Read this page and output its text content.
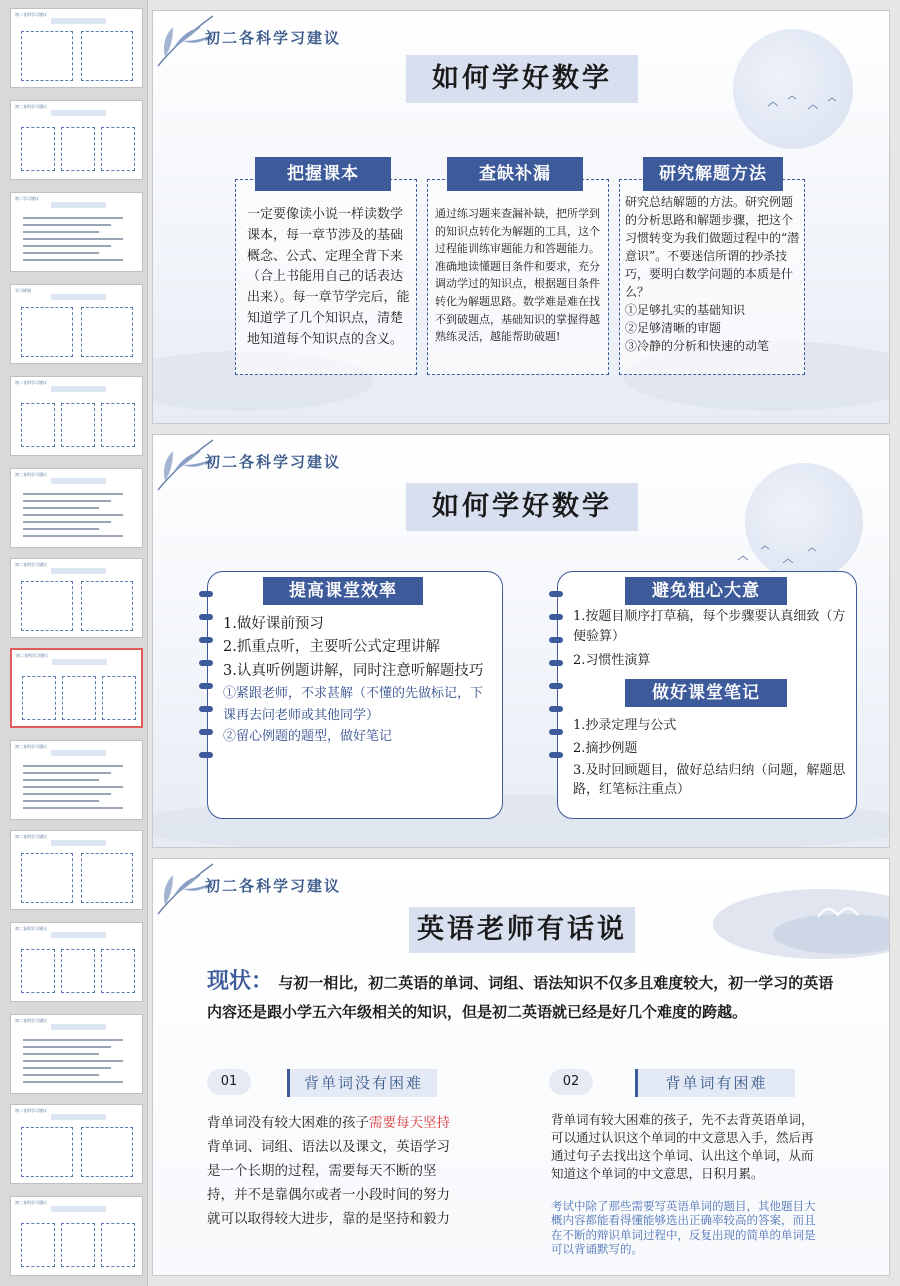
初二各科学习建议
初二各科学习建议
初二学习建议
学习规划
初二各科学习建议
初二各科学习建议
初二各科学习建议
初二各科学习建议
初二各科学习建议
初二各科学习建议
初二各科学习建议
初二各科学习建议
初二各科学习建议
初二各科学习建议
初二各科学习建议
如何学好数学
把握课本
一定要像读小说一样读数学课本，每一章节涉及的基础概念、公式、定理全背下来（合上书能用自己的话表达出来）。每一章节学完后，能知道学了几个知识点，清楚地知道每个知识点的含义。
查缺补漏
通过练习题来查漏补缺，把所学到的知识点转化为解题的工具，这个过程能训练审题能力和答题能力。准确地读懂题目条件和要求，充分调动学过的知识点，根据题目条件转化为解题思路。数学难是难在找不到破题点，基础知识的掌握得越熟练灵活，越能帮助破题!
研究解题方法
研究总结解题的方法。研究例题的分析思路和解题步骤，把这个习惯转变为我们做题过程中的“潜意识”。不要迷信所谓的抄杀技巧，要明白数学问题的本质是什么？
①足够扎实的基础知识
②足够清晰的审题
③冷静的分析和快速的动笔
初二各科学习建议
如何学好数学
提高课堂效率
1.做好课前预习
2.抓重点听，主要听公式定理讲解
3.认真听例题讲解，同时注意听解题技巧
①紧跟老师，不求甚解（不懂的先做标记，下课再去问老师或其他同学）
②留心例题的题型，做好笔记
避免粗心大意
1.按题目顺序打草稿，每个步骤要认真细致（方便验算）
2.习惯性演算
做好课堂笔记
1.抄录定理与公式
2.摘抄例题
3.及时回顾题目，做好总结归纳（问题，解题思路，红笔标注重点）
初二各科学习建议
英语老师有话说
现状： 与初一相比，初二英语的单词、词组、语法知识不仅多且难度较大，初一学习的英语内容还是跟小学五六年级相关的知识，但是初二英语就已经是好几个难度的跨越。
01	背单词没有困难
背单词没有较大困难的孩子需要每天坚持背单词、词组、语法以及课文，英语学习是一个长期的过程，需要每天不断的坚持，并不是靠偶尔或者一小段时间的努力就可以取得较大进步，靠的是坚持和毅力
02	背单词有困难
背单词有较大困难的孩子，先不去背英语单词，可以通过认识这个单词的中文意思入手，然后再通过句子去找出这个单词、认出这个单词，从而知道这个单词的中文意思，日积月累。
考试中除了那些需要写英语单词的题目，其他题目大概内容都能看得懂能够选出正确率较高的答案，而且在不断的辩识单词过程中，反复出现的简单的单词是可以背诵默写的。
